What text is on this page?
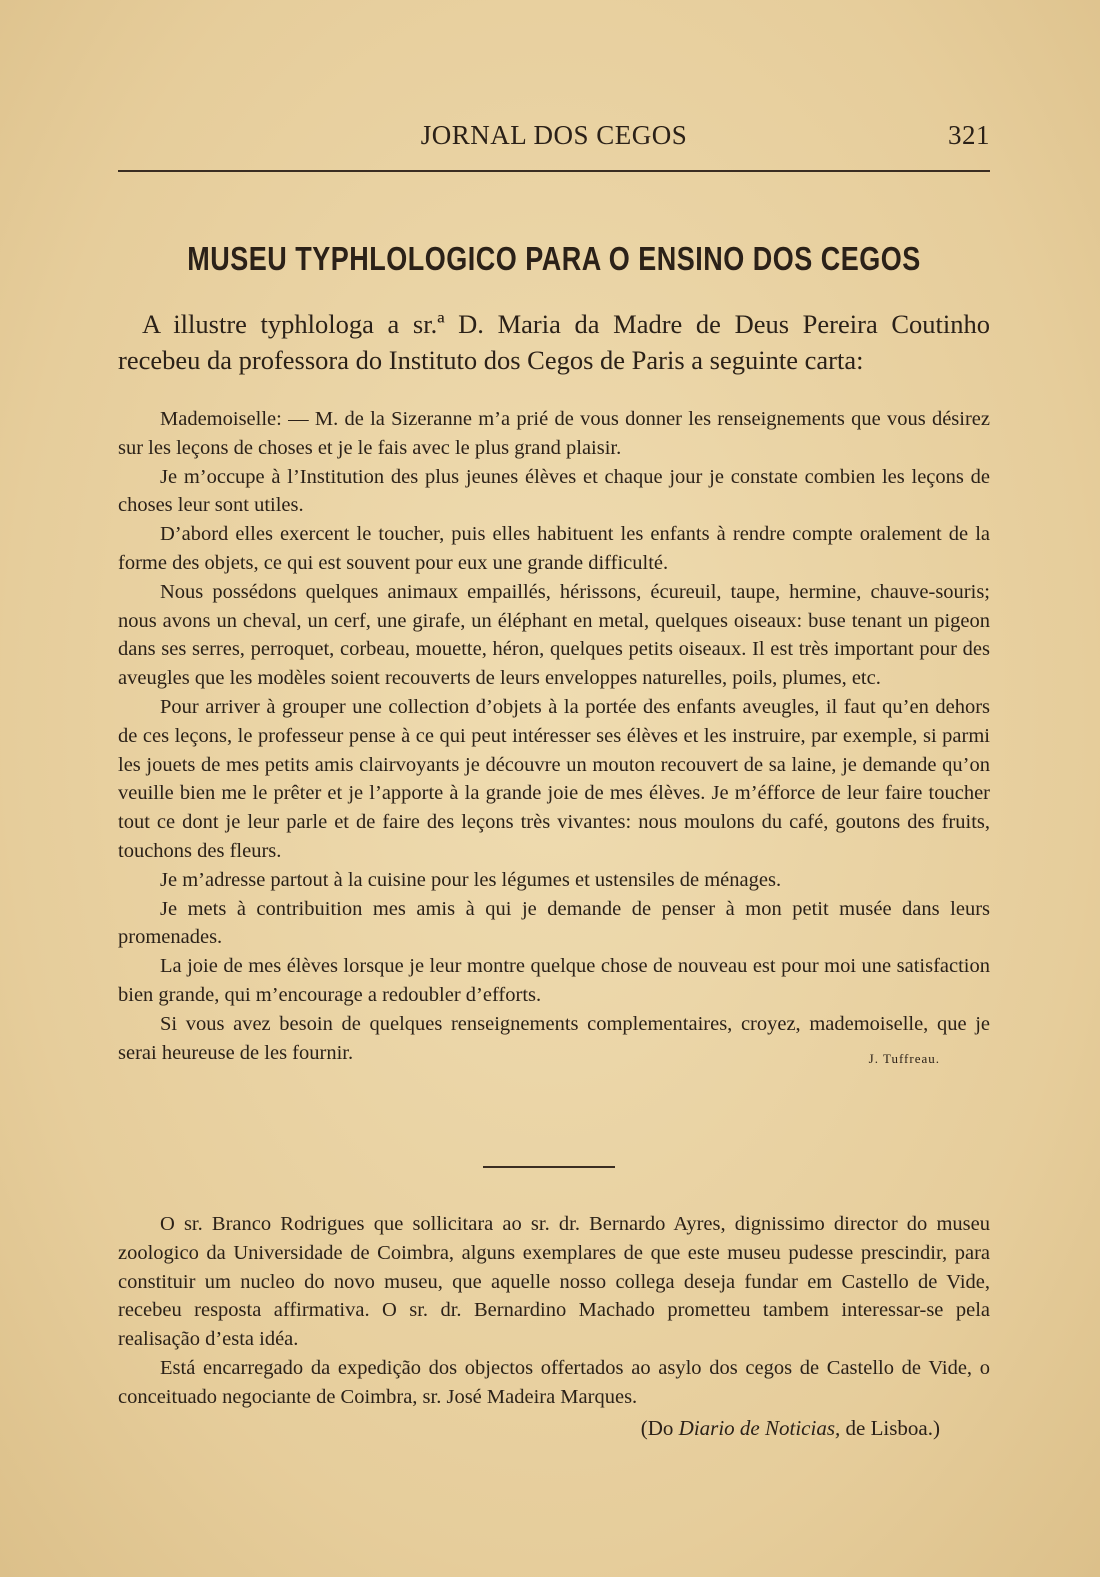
JORNAL DOS CEGOS	321
MUSEU TYPHLOLOGICO PARA O ENSINO DOS CEGOS
A illustre typhlologa a sr.ª D. Maria da Madre de Deus Pereira Coutinho recebeu da professora do Instituto dos Cegos de Paris a seguinte carta:

Mademoiselle: — M. de la Sizeranne m’a prié de vous donner les renseignements que vous désirez sur les leçons de choses et je le fais avec le plus grand plaisir.

Je m’occupe à l’Institution des plus jeunes élèves et chaque jour je constate combien les leçons de choses leur sont utiles.

D’abord elles exercent le toucher, puis elles habituent les enfants à rendre compte oralement de la forme des objets, ce qui est souvent pour eux une grande difficulté.

Nous possédons quelques animaux empaillés, hérissons, écureuil, taupe, hermine, chauve-souris; nous avons un cheval, un cerf, une girafe, un éléphant en metal, quelques oiseaux: buse tenant un pigeon dans ses serres, perroquet, corbeau, mouette, héron, quelques petits oiseaux. Il est très important pour des aveugles que les modèles soient recouverts de leurs enveloppes naturelles, poils, plumes, etc.

Pour arriver à grouper une collection d’objets à la portée des enfants aveugles, il faut qu’en dehors de ces leçons, le professeur pense à ce qui peut intéresser ses élèves et les instruire, par exemple, si parmi les jouets de mes petits amis clairvoyants je découvre un mouton recouvert de sa laine, je demande qu’on veuille bien me le prêter et je l’apporte à la grande joie de mes élèves. Je m’éfforce de leur faire toucher tout ce dont je leur parle et de faire des leçons très vivantes: nous moulons du café, goutons des fruits, touchons des fleurs.

Je m’adresse partout à la cuisine pour les légumes et ustensiles de ménages.

Je mets à contribuition mes amis à qui je demande de penser à mon petit musée dans leurs promenades.

La joie de mes élèves lorsque je leur montre quelque chose de nouveau est pour moi une satisfaction bien grande, qui m’encourage a redoubler d’efforts.

Si vous avez besoin de quelques renseignements complementaires, croyez, mademoiselle, que je serai heureuse de les fournir.	J. Tuffreau.

O sr. Branco Rodrigues que sollicitara ao sr. dr. Bernardo Ayres, dignissimo director do museu zoologico da Universidade de Coimbra, alguns exemplares de que este museu pudesse prescindir, para constituir um nucleo do novo museu, que aquelle nosso collega deseja fundar em Castello de Vide, recebeu resposta affirmativa. O sr. dr. Bernardino Machado prometteu tambem interessar-se pela realisação d’esta idéa.

Está encarregado da expedição dos objectos offertados ao asylo dos cegos de Castello de Vide, o conceituado negociante de Coimbra, sr. José Madeira Marques.

(Do Diario de Noticias, de Lisboa.)
